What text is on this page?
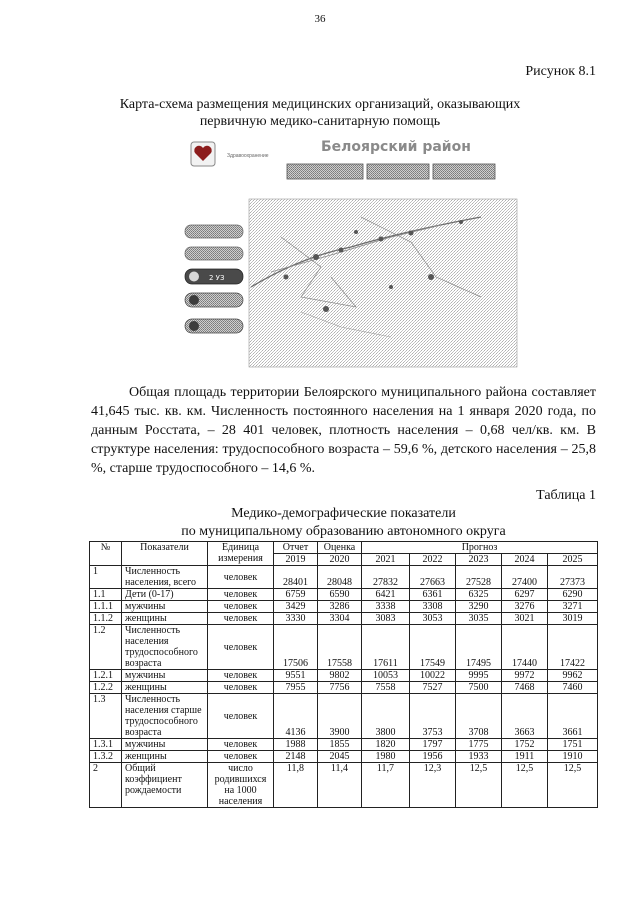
36
Рисунок 8.1
Карта-схема размещения медицинских организаций, оказывающих
первичную медико-санитарную помощь
Здравоохранение
Белоярский район
2 УЗ
Общая площадь территории Белоярского муниципального района составляет 41,645 тыс. кв. км. Численность постоянного населения на 1 января 2020 года, по данным Росстата, – 28 401 человек, плотность населения – 0,68 чел/кв. км. В структуре населения: трудоспособного возраста – 59,6 %, детского населения – 25,8 %, старше трудоспособного – 14,6 %.
Таблица 1
Медико-демографические показатели
по муниципальному образованию автономного округа
№	Показатели	Единица измерения	Отчет	Оценка	Прогноз				
			2019	2020	2021	2022	2023	2024	2025
1	Численность населения, всего	человек	28401	28048	27832	27663	27528	27400	27373
1.1	Дети (0-17)	человек	6759	6590	6421	6361	6325	6297	6290
1.1.1	мужчины	человек	3429	3286	3338	3308	3290	3276	3271
1.1.2	женщины	человек	3330	3304	3083	3053	3035	3021	3019
1.2	Численность населения трудоспособного возраста	человек	17506	17558	17611	17549	17495	17440	17422
1.2.1	мужчины	человек	9551	9802	10053	10022	9995	9972	9962
1.2.2	женщины	человек	7955	7756	7558	7527	7500	7468	7460
1.3	Численность населения старше трудоспособного возраста	человек	4136	3900	3800	3753	3708	3663	3661
1.3.1	мужчины	человек	1988	1855	1820	1797	1775	1752	1751
1.3.2	женщины	человек	2148	2045	1980	1956	1933	1911	1910
2	Общий коэффициент рождаемости	число родившихся на 1000 населения	11,8	11,4	11,7	12,3	12,5	12,5	12,5
